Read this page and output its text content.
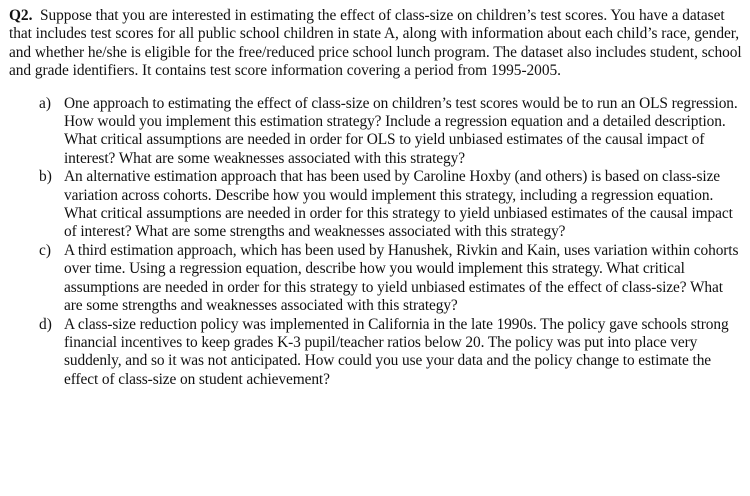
Q2. Suppose that you are interested in estimating the effect of class-size on children’s test scores. You have a dataset that includes test scores for all public school children in state A, along with information about each child’s race, gender, and whether he/she is eligible for the free/reduced price school lunch program. The dataset also includes student, school and grade identifiers. It contains test score information covering a period from 1995-2005.

a) One approach to estimating the effect of class-size on children’s test scores would be to run an OLS regression. How would you implement this estimation strategy? Include a regression equation and a detailed description. What critical assumptions are needed in order for OLS to yield unbiased estimates of the causal impact of interest? What are some weaknesses associated with this strategy?
b) An alternative estimation approach that has been used by Caroline Hoxby (and others) is based on class-size variation across cohorts. Describe how you would implement this strategy, including a regression equation. What critical assumptions are needed in order for this strategy to yield unbiased estimates of the causal impact of interest? What are some strengths and weaknesses associated with this strategy?
c) A third estimation approach, which has been used by Hanushek, Rivkin and Kain, uses variation within cohorts over time. Using a regression equation, describe how you would implement this strategy. What critical assumptions are needed in order for this strategy to yield unbiased estimates of the effect of class-size? What are some strengths and weaknesses associated with this strategy?
d) A class-size reduction policy was implemented in California in the late 1990s. The policy gave schools strong financial incentives to keep grades K-3 pupil/teacher ratios below 20. The policy was put into place very suddenly, and so it was not anticipated. How could you use your data and the policy change to estimate the effect of class-size on student achievement?
